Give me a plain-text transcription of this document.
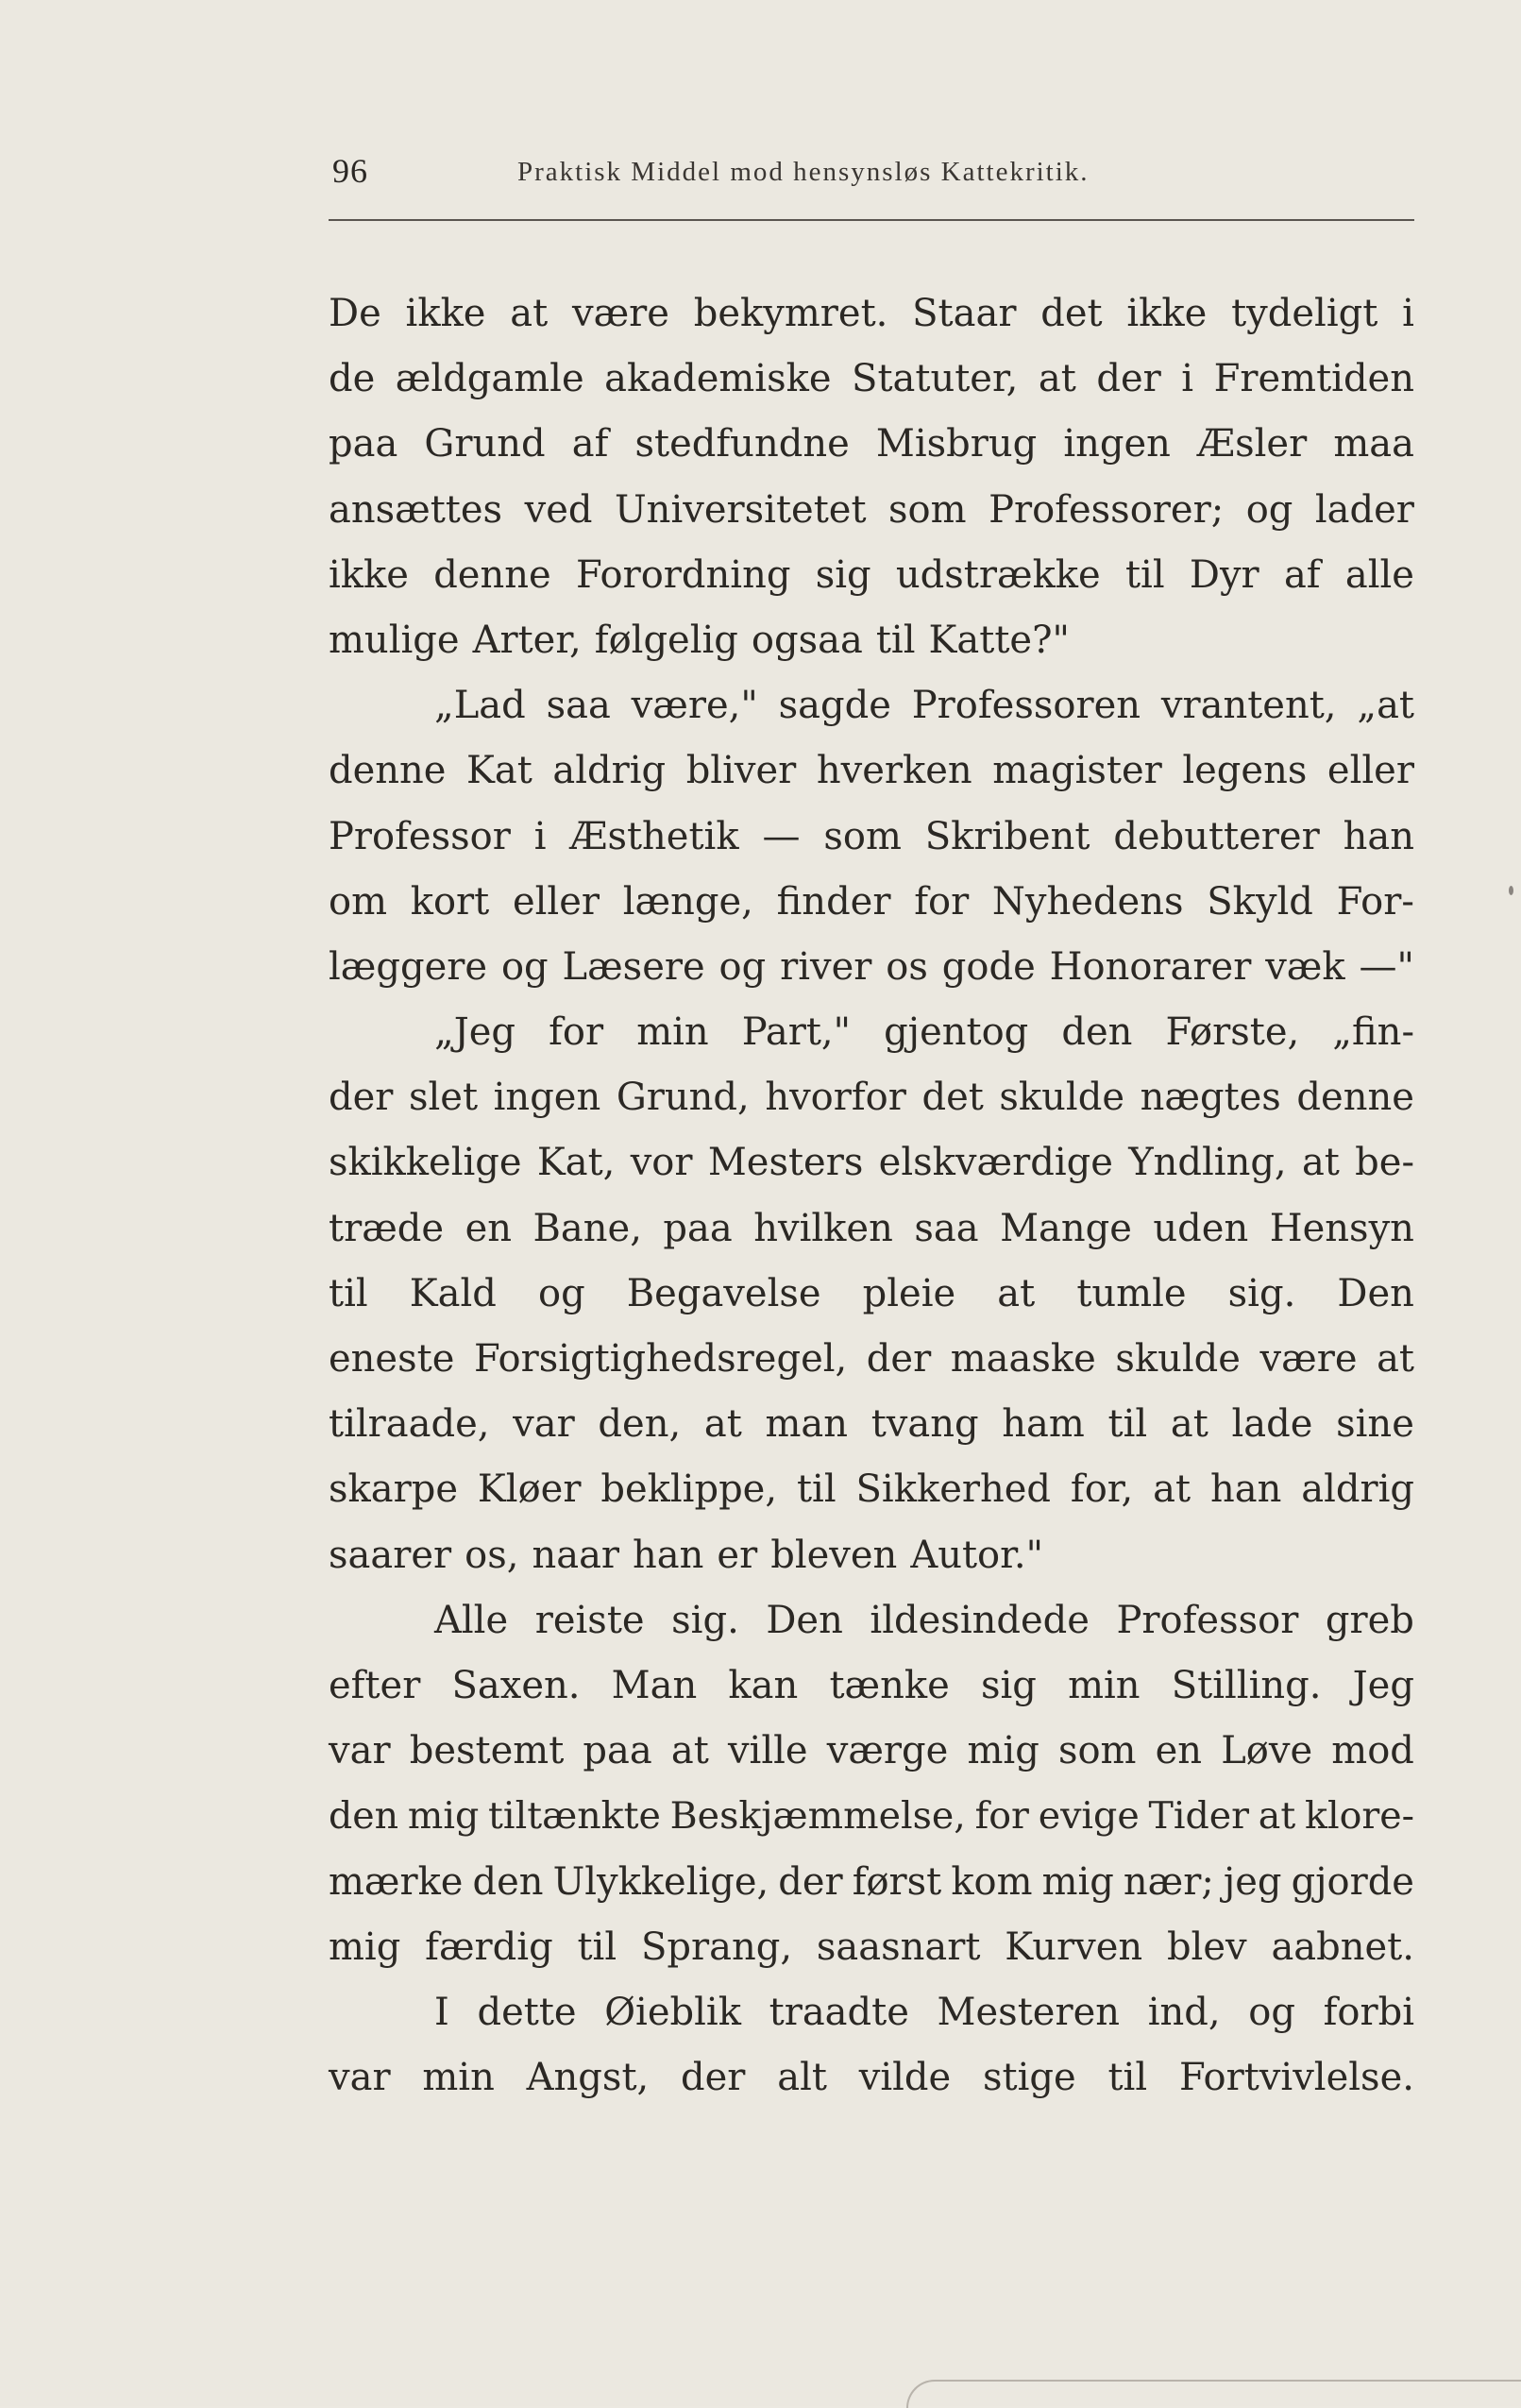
96	Praktisk Middel mod hensynsløs Kattekritik.
De ikke at være bekymret. Staar det ikke tydeligt i
de ældgamle akademiske Statuter, at der i Fremtiden
paa Grund af stedfundne Misbrug ingen Æsler maa
ansættes ved Universitetet som Professorer; og lader
ikke denne Forordning sig udstrække til Dyr af alle
mulige Arter, følgelig ogsaa til Katte?"
„Lad saa være," sagde Professoren vrantent, „at
denne Kat aldrig bliver hverken magister legens eller
Professor i Æsthetik — som Skribent debutterer han
om kort eller længe, finder for Nyhedens Skyld For-
læggere og Læsere og river os gode Honorarer væk —"
„Jeg for min Part," gjentog den Første, „fin-
der slet ingen Grund, hvorfor det skulde nægtes denne
skikkelige Kat, vor Mesters elskværdige Yndling, at be-
træde en Bane, paa hvilken saa Mange uden Hensyn
til Kald og Begavelse pleie at tumle sig. Den
eneste Forsigtighedsregel, der maaske skulde være at
tilraade, var den, at man tvang ham til at lade sine
skarpe Kløer beklippe, til Sikkerhed for, at han aldrig
saarer os, naar han er bleven Autor."
Alle reiste sig. Den ildesindede Professor greb
efter Saxen. Man kan tænke sig min Stilling. Jeg
var bestemt paa at ville værge mig som en Løve mod
den mig tiltænkte Beskjæmmelse, for evige Tider at klore-
mærke den Ulykkelige, der først kom mig nær; jeg gjorde
mig færdig til Sprang, saasnart Kurven blev aabnet.
I dette Øieblik traadte Mesteren ind, og forbi
var min Angst, der alt vilde stige til Fortvivlelse.
